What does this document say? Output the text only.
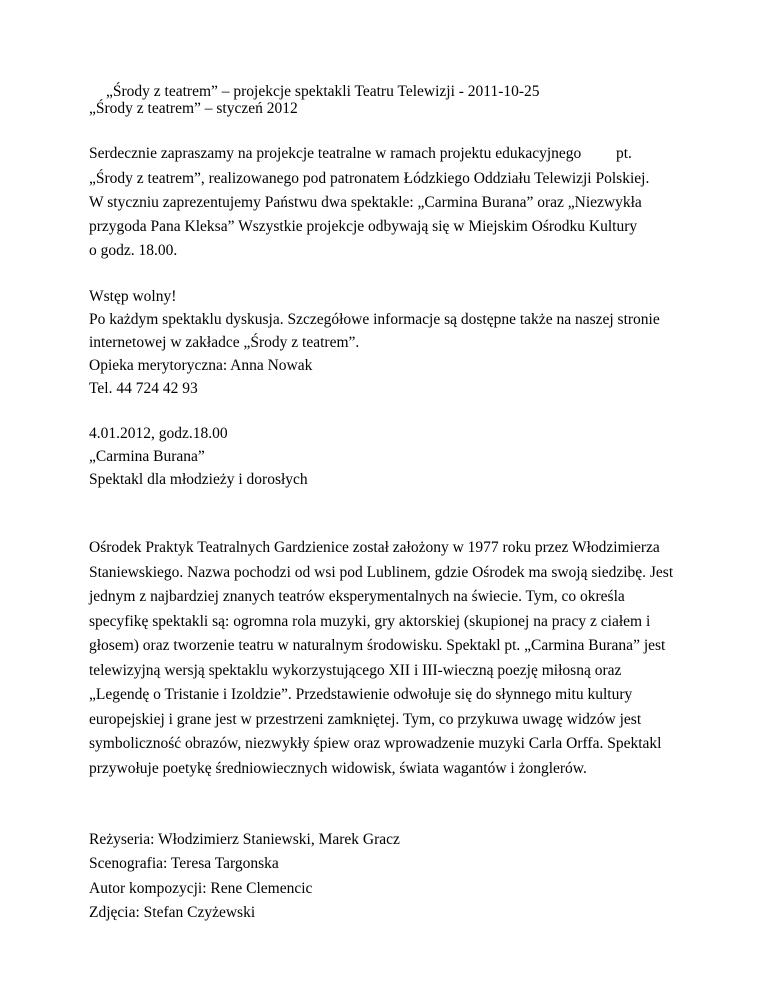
„Środy z teatrem” – projekcje spektakli Teatru Telewizji - 2011-10-25
„Środy z teatrem” – styczeń 2012
Serdecznie zapraszamy na projekcje teatralne w ramach projektu edukacyjnego pt.
„Środy z teatrem”, realizowanego pod patronatem Łódzkiego Oddziału Telewizji Polskiej.
W styczniu zaprezentujemy Państwu dwa spektakle: „Carmina Burana” oraz „Niezwykła
przygoda Pana Kleksa” Wszystkie projekcje odbywają się w Miejskim Ośrodku Kultury
o godz. 18.00.
Wstęp wolny!
Po każdym spektaklu dyskusja. Szczegółowe informacje są dostępne także na naszej stronie
internetowej w zakładce „Środy z teatrem”.
Opieka merytoryczna: Anna Nowak
Tel. 44 724 42 93
4.01.2012, godz.18.00
„Carmina Burana”
Spektakl dla młodzieży i dorosłych
Ośrodek Praktyk Teatralnych Gardzienice został założony w 1977 roku przez Włodzimierza
Staniewskiego. Nazwa pochodzi od wsi pod Lublinem, gdzie Ośrodek ma swoją siedzibę. Jest
jednym z najbardziej znanych teatrów eksperymentalnych na świecie. Tym, co określa
specyfikę spektakli są: ogromna rola muzyki, gry aktorskiej (skupionej na pracy z ciałem i
głosem) oraz tworzenie teatru w naturalnym środowisku. Spektakl pt. „Carmina Burana” jest
telewizyjną wersją spektaklu wykorzystującego XII i III-wieczną poezję miłosną oraz
„Legendę o Tristanie i Izoldzie”. Przedstawienie odwołuje się do słynnego mitu kultury
europejskiej i grane jest w przestrzeni zamkniętej. Tym, co przykuwa uwagę widzów jest
symboliczność obrazów, niezwykły śpiew oraz wprowadzenie muzyki Carla Orffa. Spektakl
przywołuje poetykę średniowiecznych widowisk, świata wagantów i żonglerów.
Reżyseria: Włodzimierz Staniewski, Marek Gracz
Scenografia: Teresa Targonska
Autor kompozycji: Rene Clemencic
Zdjęcia: Stefan Czyżewski
